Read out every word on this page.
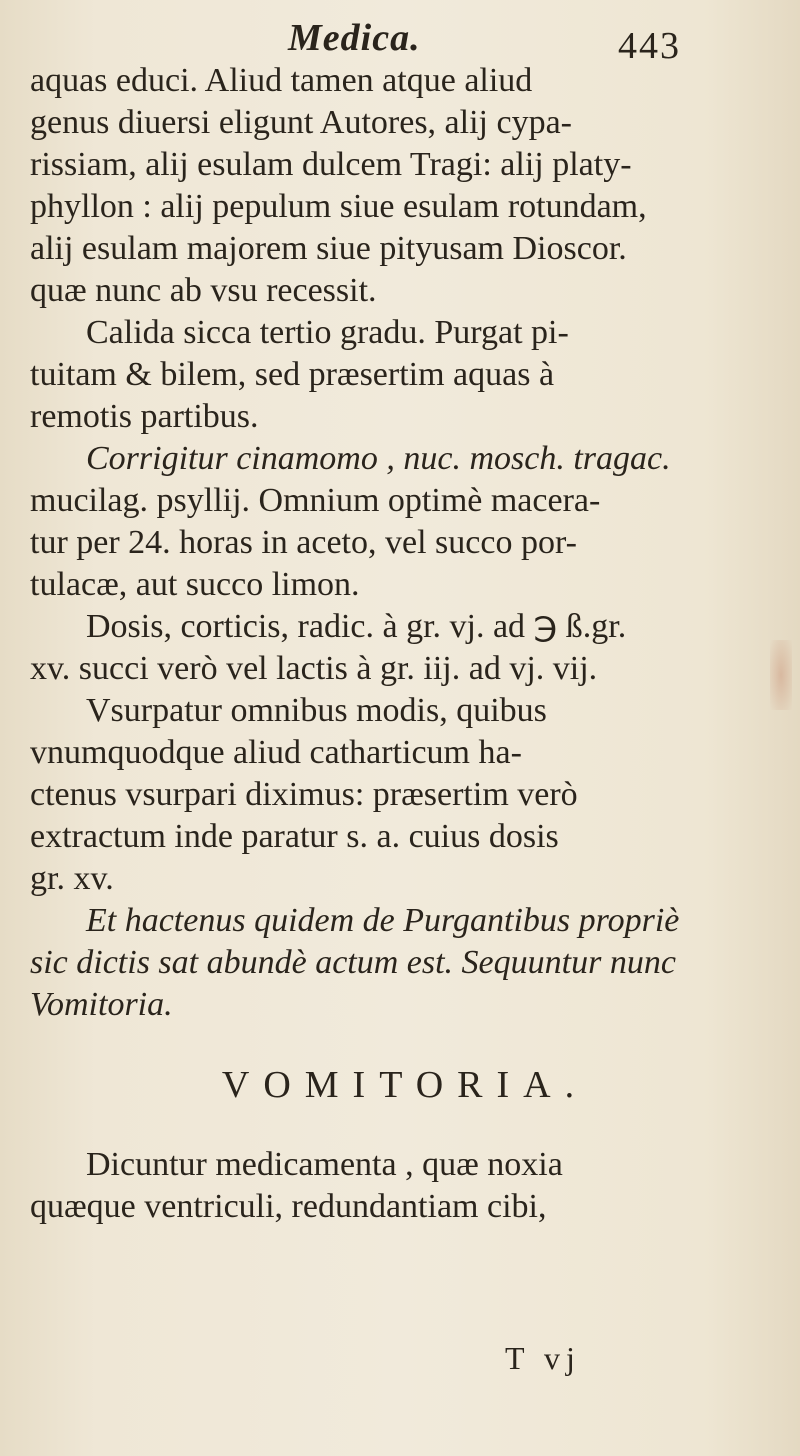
Medica.	443
aquas educi. Aliud tamen atque aliud
genus diuersi eligunt Autores, alij cypa-
rissiam, alij esulam dulcem Tragi: alij platy-
phyllon : alij pepulum siue esulam rotundam,
alij esulam majorem siue pityusam Dioscor.
quæ nunc ab vsu recessit.
Calida sicca tertio gradu. Purgat pi-
tuitam & bilem, sed præsertim aquas à
remotis partibus.
Corrigitur cinamomo , nuc. mosch. tragac.
mucilag. psyllij. Omnium optimè macera-
tur per 24. horas in aceto, vel succo por-
tulacæ, aut succo limon.
Dosis, corticis, radic. à gr. vj. ad ℈ ß.gr.
xv. succi verò vel lactis à gr. iij. ad vj. vij.
Vsurpatur omnibus modis, quibus
vnumquodque aliud catharticum ha-
ctenus vsurpari diximus: præsertim verò
extractum inde paratur s. a. cuius dosis
gr. xv.
Et hactenus quidem de Purgantibus propriè
sic dictis sat abundè actum est. Sequuntur nunc
Vomitoria.
VOMITORIA.
Dicuntur medicamenta , quæ noxia
quæque ventriculi, redundantiam cibi,
T vj
